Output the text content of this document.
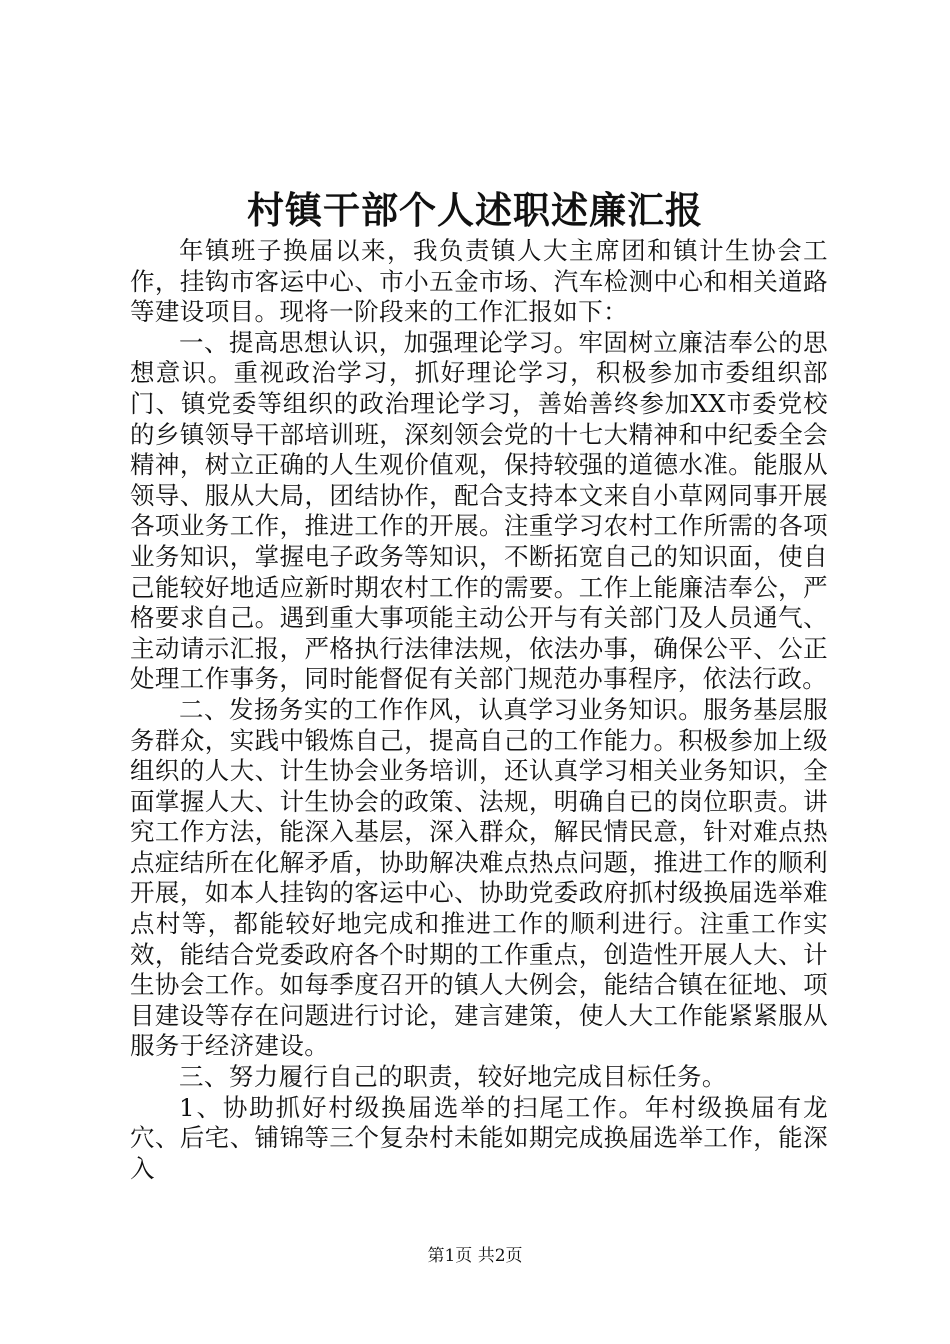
村镇干部个人述职述廉汇报

年镇班子换届以来，我负责镇人大主席团和镇计生协会工作，挂钩市客运中心、市小五金市场、汽车检测中心和相关道路等建设项目。现将一阶段来的工作汇报如下：

一、提高思想认识，加强理论学习。牢固树立廉洁奉公的思想意识。重视政治学习，抓好理论学习，积极参加市委组织部门、镇党委等组织的政治理论学习，善始善终参加XX市委党校的乡镇领导干部培训班，深刻领会党的十七大精神和中纪委全会精神，树立正确的人生观价值观，保持较强的道德水准。能服从领导、服从大局，团结协作，配合支持本文来自小草网同事开展各项业务工作，推进工作的开展。注重学习农村工作所需的各项业务知识，掌握电子政务等知识，不断拓宽自己的知识面，使自己能较好地适应新时期农村工作的需要。工作上能廉洁奉公，严格要求自己。遇到重大事项能主动公开与有关部门及人员通气、主动请示汇报，严格执行法律法规，依法办事，确保公平、公正处理工作事务，同时能督促有关部门规范办事程序，依法行政。

二、发扬务实的工作作风，认真学习业务知识。服务基层服务群众，实践中锻炼自己，提高自己的工作能力。积极参加上级组织的人大、计生协会业务培训，还认真学习相关业务知识，全面掌握人大、计生协会的政策、法规，明确自已的岗位职责。讲究工作方法，能深入基层，深入群众，解民情民意，针对难点热点症结所在化解矛盾，协助解决难点热点问题，推进工作的顺利开展，如本人挂钩的客运中心、协助党委政府抓村级换届选举难点村等，都能较好地完成和推进工作的顺利进行。注重工作实效，能结合党委政府各个时期的工作重点，创造性开展人大、计生协会工作。如每季度召开的镇人大例会，能结合镇在征地、项目建设等存在问题进行讨论，建言建策，使人大工作能紧紧服从服务于经济建设。

三、努力履行自己的职责，较好地完成目标任务。

1、协助抓好村级换届选举的扫尾工作。年村级换届有龙穴、后宅、铺锦等三个复杂村未能如期完成换届选举工作，能深入

第1页 共2页
